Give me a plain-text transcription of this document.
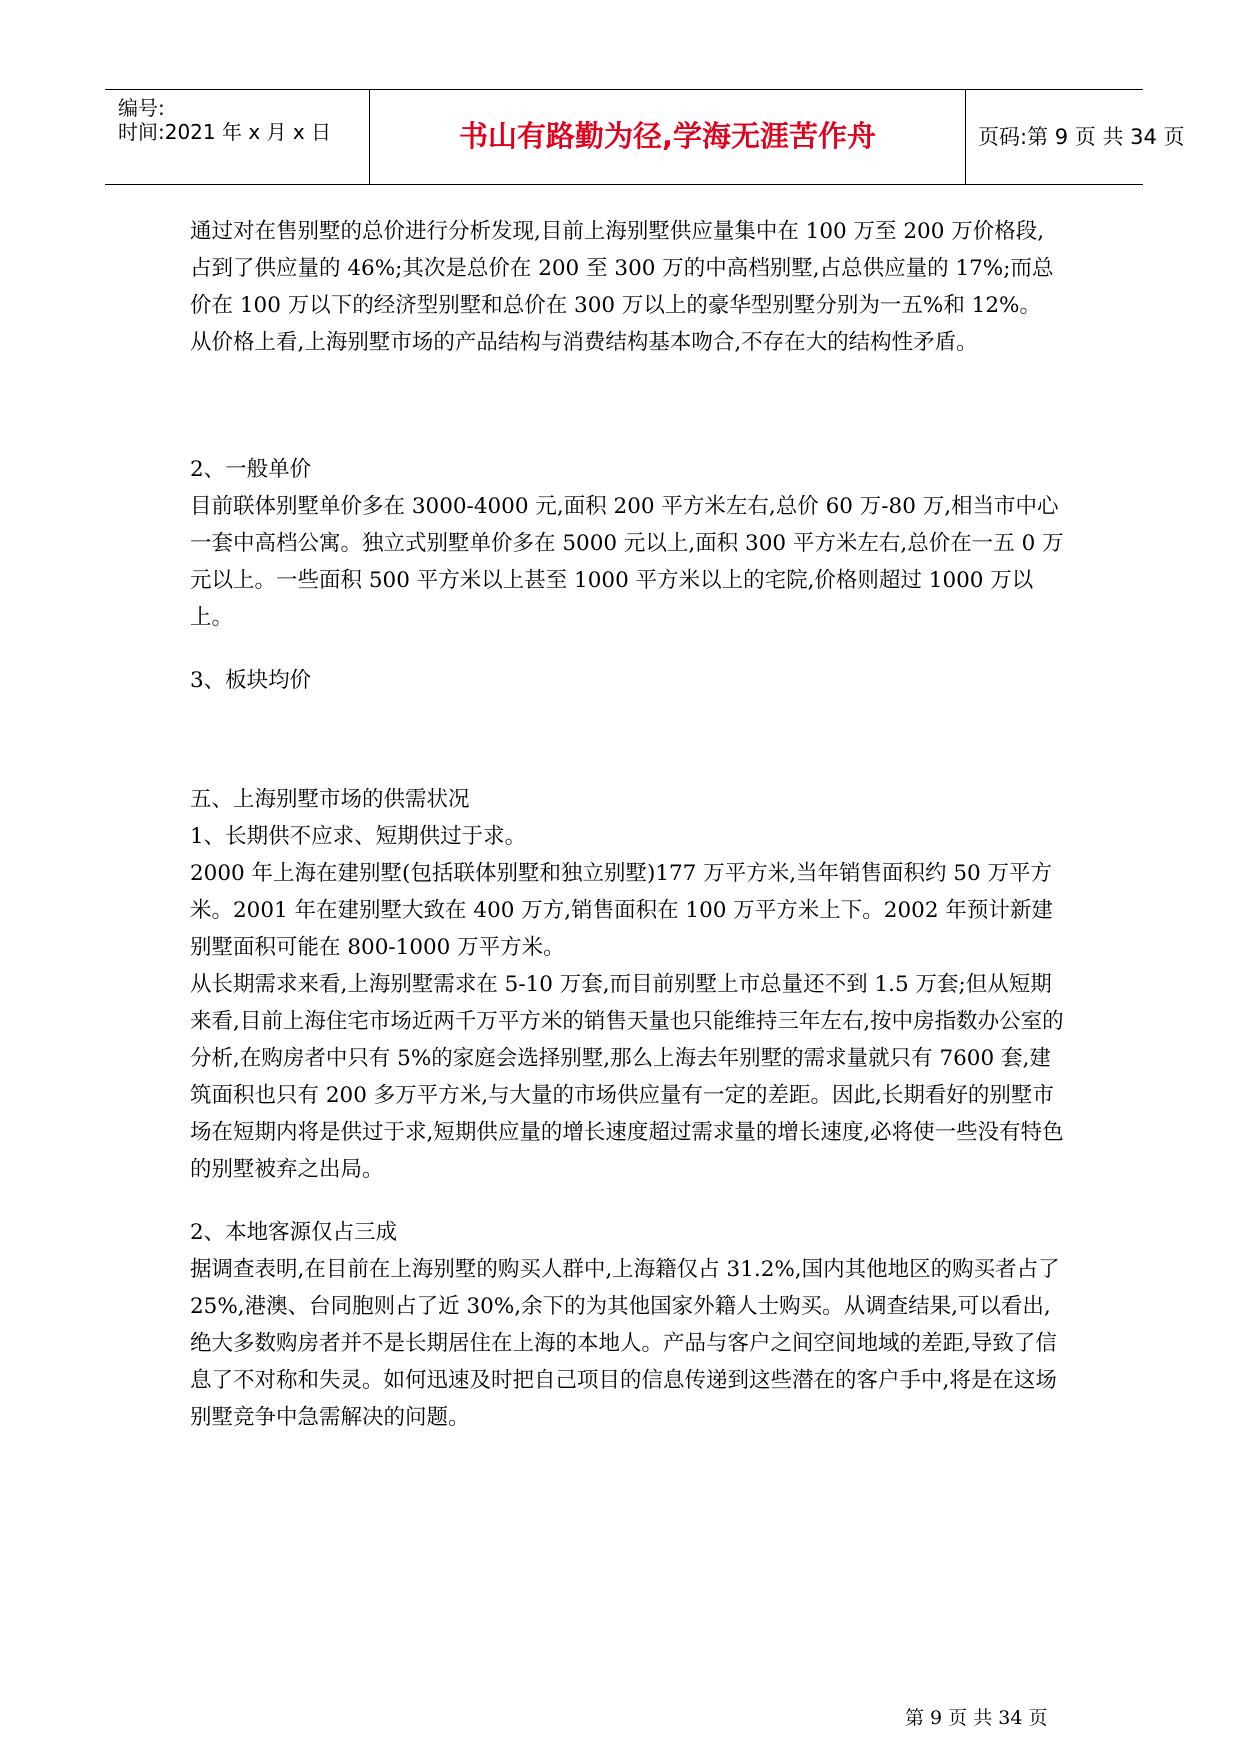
编号:
时间:2021 年 x 月 x 日	书山有路勤为径,学海无涯苦作舟	页码:第 9 页 共 34 页

通过对在售别墅的总价进行分析发现,目前上海别墅供应量集中在 100 万至 200 万价格段,占到了供应量的 46%;其次是总价在 200 至 300 万的中高档别墅,占总供应量的 17%;而总价在 100 万以下的经济型别墅和总价在 300 万以上的豪华型别墅分别为一五%和 12%。

从价格上看,上海别墅市场的产品结构与消费结构基本吻合,不存在大的结构性矛盾。

2、一般单价

目前联体别墅单价多在 3000-4000 元,面积 200 平方米左右,总价 60 万-80 万,相当市中心一套中高档公寓。独立式别墅单价多在 5000 元以上,面积 300 平方米左右,总价在一五 0 万元以上。一些面积 500 平方米以上甚至 1000 平方米以上的宅院,价格则超过 1000 万以上。

3、板块均价

五、上海别墅市场的供需状况

1、长期供不应求、短期供过于求。

2000 年上海在建别墅(包括联体别墅和独立别墅)177 万平方米,当年销售面积约 50 万平方米。2001 年在建别墅大致在 400 万方,销售面积在 100 万平方米上下。2002 年预计新建别墅面积可能在 800-1000 万平方米。

从长期需求来看,上海别墅需求在 5-10 万套,而目前别墅上市总量还不到 1.5 万套;但从短期来看,目前上海住宅市场近两千万平方米的销售天量也只能维持三年左右,按中房指数办公室的分析,在购房者中只有 5%的家庭会选择别墅,那么上海去年别墅的需求量就只有 7600 套,建筑面积也只有 200 多万平方米,与大量的市场供应量有一定的差距。因此,长期看好的别墅市场在短期内将是供过于求,短期供应量的增长速度超过需求量的增长速度,必将使一些没有特色的别墅被弃之出局。

2、本地客源仅占三成

据调查表明,在目前在上海别墅的购买人群中,上海籍仅占 31.2%,国内其他地区的购买者占了 25%,港澳、台同胞则占了近 30%,余下的为其他国家外籍人士购买。从调查结果,可以看出,绝大多数购房者并不是长期居住在上海的本地人。产品与客户之间空间地域的差距,导致了信息了不对称和失灵。如何迅速及时把自己项目的信息传递到这些潜在的客户手中,将是在这场别墅竞争中急需解决的问题。

第 9 页 共 34 页
